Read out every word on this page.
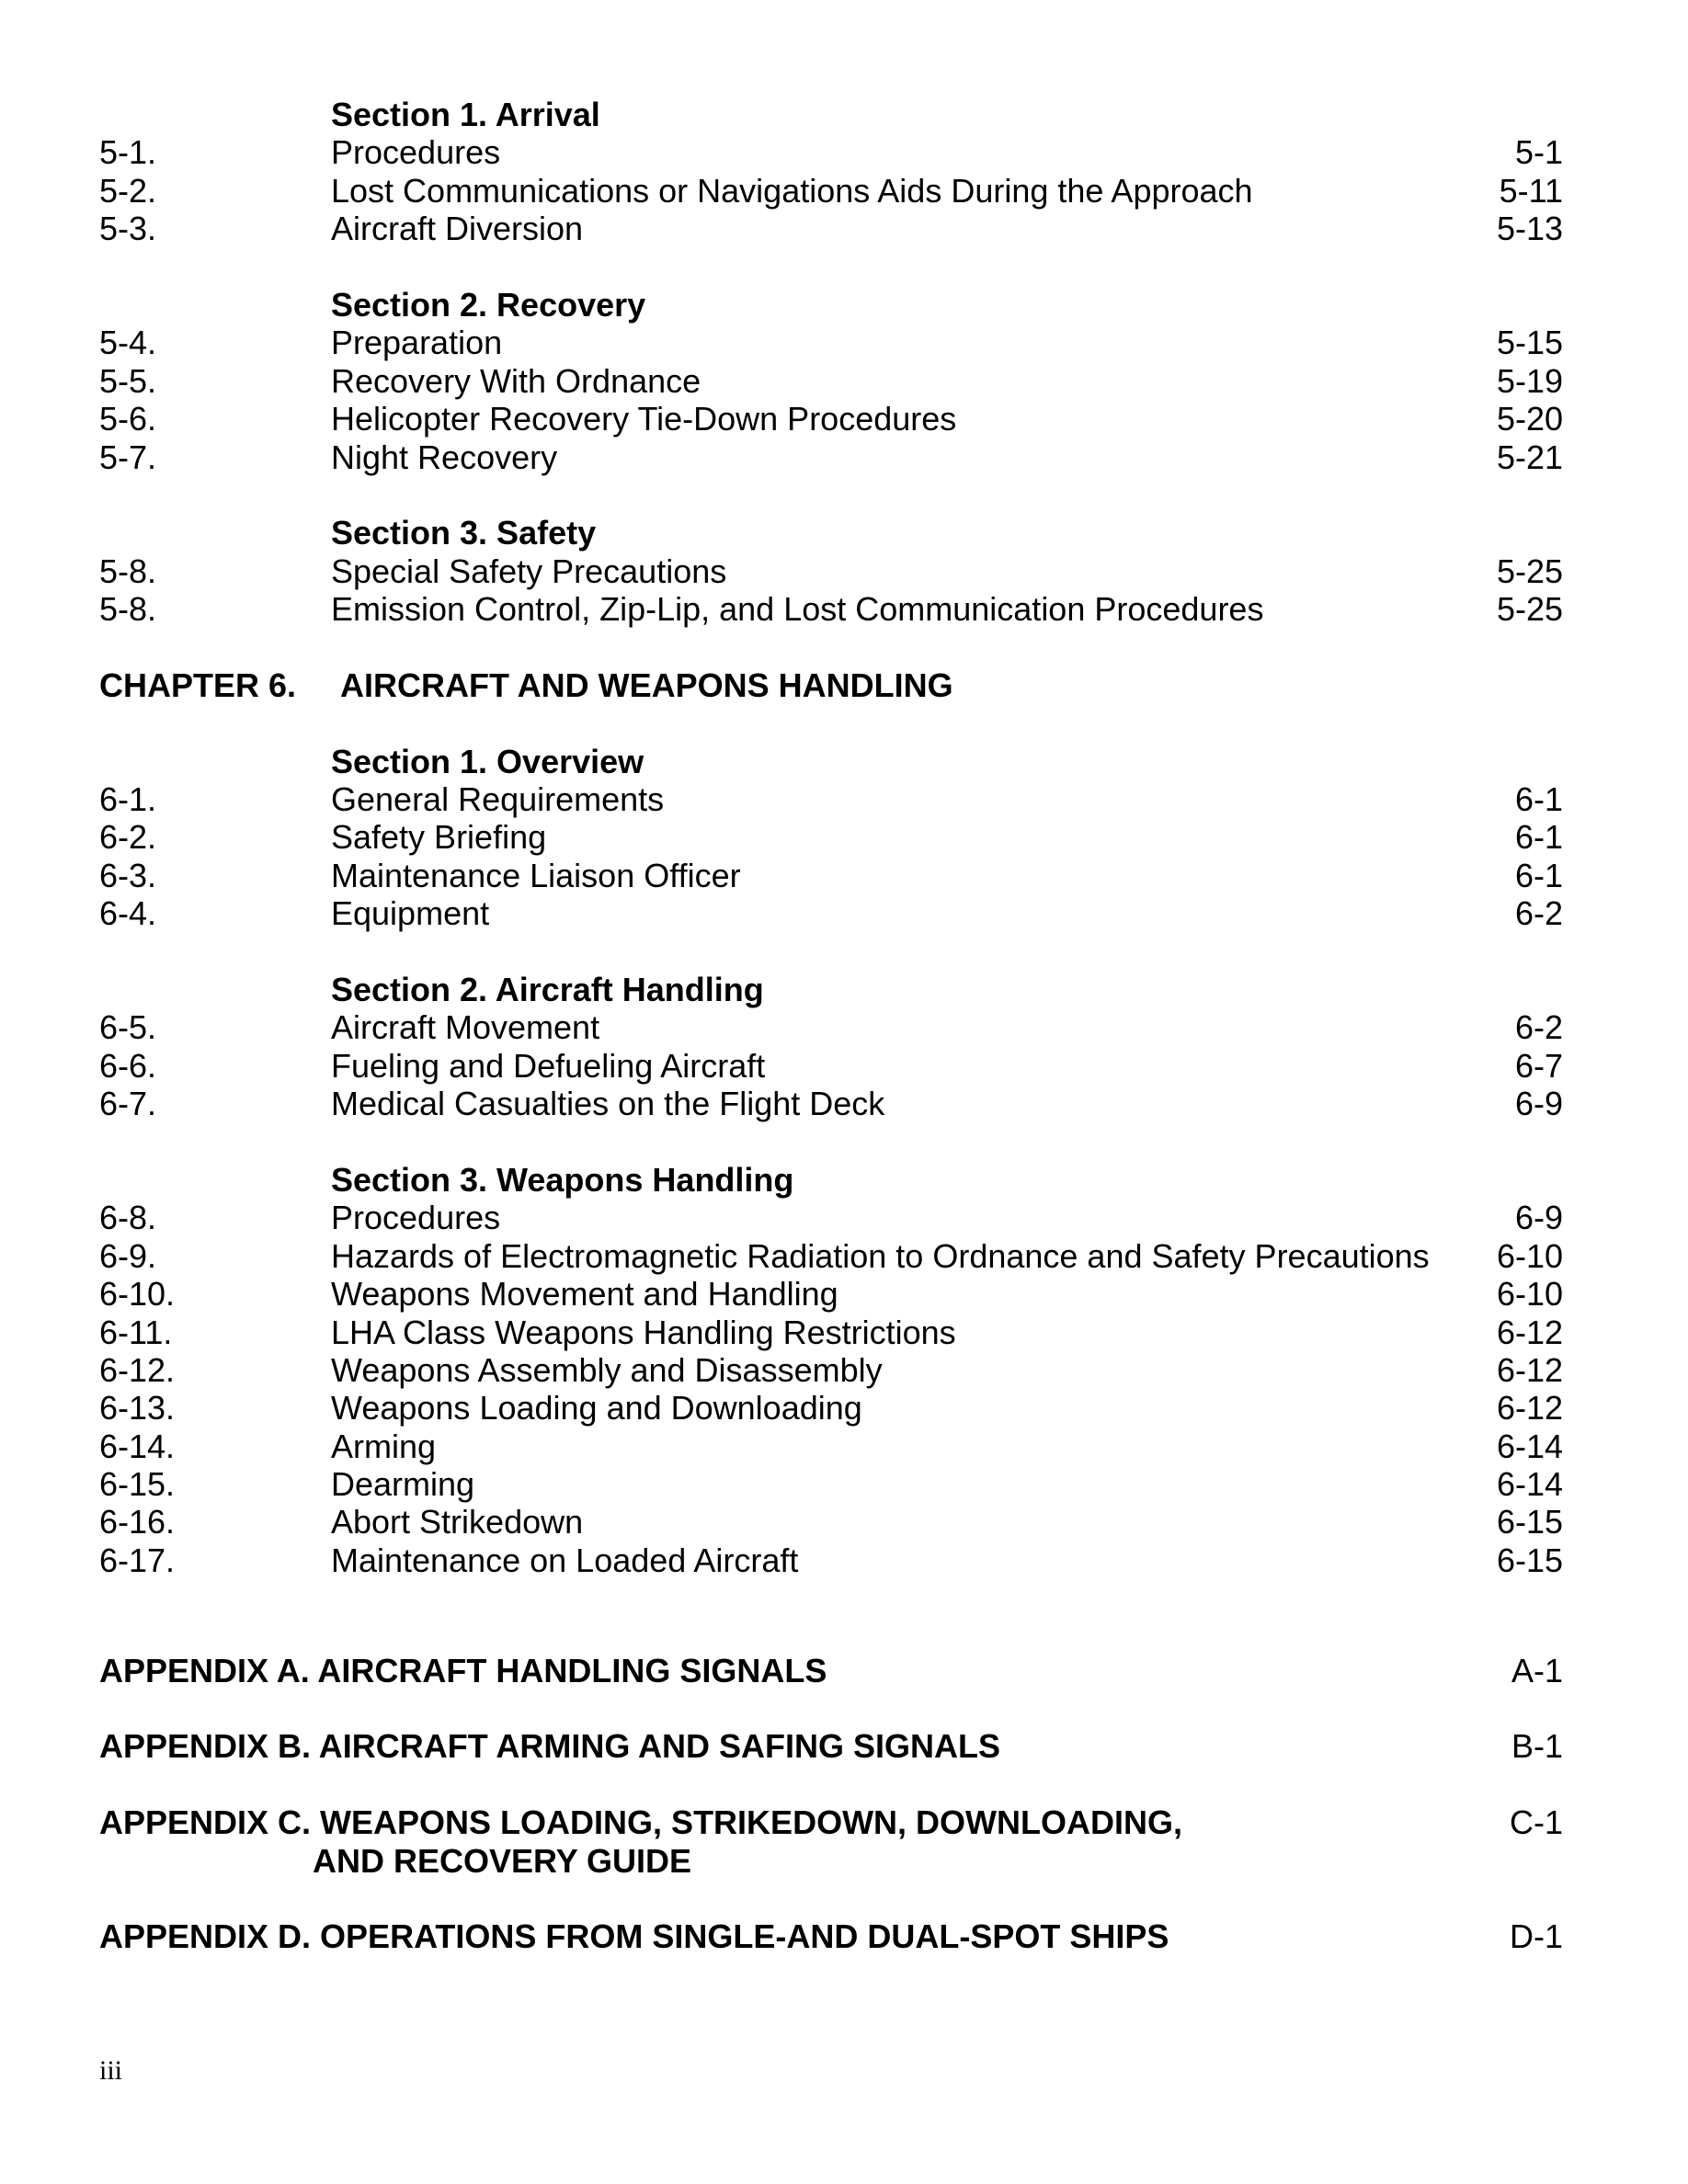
Section 1. Arrival
5-1.	Procedures	5-1
5-2.	Lost Communications or Navigations Aids During the Approach	5-11
5-3.	Aircraft Diversion	5-13
Section 2. Recovery
5-4.	Preparation	5-15
5-5.	Recovery With Ordnance	5-19
5-6.	Helicopter Recovery Tie-Down Procedures	5-20
5-7.	Night Recovery	5-21
Section 3. Safety
5-8.	Special Safety Precautions	5-25
5-8.	Emission Control, Zip-Lip, and Lost Communication Procedures	5-25
CHAPTER 6. AIRCRAFT AND WEAPONS HANDLING
Section 1. Overview
6-1.	General Requirements	6-1
6-2.	Safety Briefing	6-1
6-3.	Maintenance Liaison Officer	6-1
6-4.	Equipment	6-2
Section 2. Aircraft Handling
6-5.	Aircraft Movement	6-2
6-6.	Fueling and Defueling Aircraft	6-7
6-7.	Medical Casualties on the Flight Deck	6-9
Section 3. Weapons Handling
6-8.	Procedures	6-9
6-9.	Hazards of Electromagnetic Radiation to Ordnance and Safety Precautions 6-10
6-10.	Weapons Movement and Handling	6-10
6-11.	LHA Class Weapons Handling Restrictions	6-12
6-12.	Weapons Assembly and Disassembly	6-12
6-13.	Weapons Loading and Downloading	6-12
6-14.	Arming	6-14
6-15.	Dearming	6-14
6-16.	Abort Strikedown	6-15
6-17.	Maintenance on Loaded Aircraft	6-15
APPENDIX A. AIRCRAFT HANDLING SIGNALS	A-1
APPENDIX B. AIRCRAFT ARMING AND SAFING SIGNALS	B-1
APPENDIX C. WEAPONS LOADING, STRIKEDOWN, DOWNLOADING,
AND RECOVERY GUIDE
C-1
APPENDIX D. OPERATIONS FROM SINGLE-AND DUAL-SPOT SHIPS	D-1
iii
